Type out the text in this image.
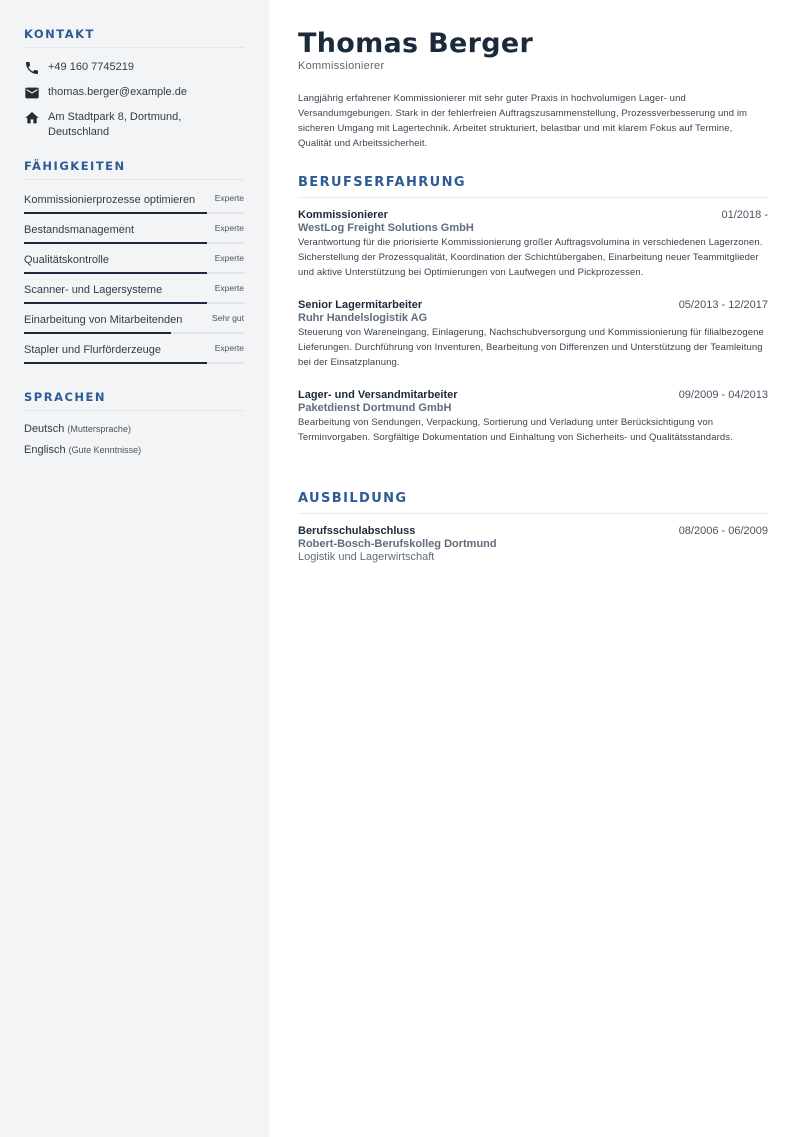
KONTAKT
+49 160 7745219
thomas.berger@example.de
Am Stadtpark 8, Dortmund, Deutschland
FÄHIGKEITEN
Kommissionierprozesse optimieren Experte
Bestandsmanagement	Experte
Qualitätskontrolle	Experte
Scanner- und Lagersysteme	Experte
Einarbeitung von Mitarbeitenden	Sehr gut
Stapler und Flurförderzeuge	Experte
SPRACHEN
Deutsch (Muttersprache)
Englisch (Gute Kenntnisse)
Thomas Berger
Kommissionierer

Langjährig erfahrener Kommissionierer mit sehr guter Praxis in hochvolumigen Lager- und Versandumgebungen. Stark in der fehlerfreien Auftragszusammenstellung, Prozessverbesserung und im sicheren Umgang mit Lagertechnik. Arbeitet strukturiert, belastbar und mit klarem Fokus auf Termine, Qualität und Arbeitssicherheit.

BERUFSERFAHRUNG
Kommissionierer	01/2018 -
WestLog Freight Solutions GmbH
Verantwortung für die priorisierte Kommissionierung großer Auftragsvolumina in verschiedenen Lagerzonen. Sicherstellung der Prozessqualität, Koordination der Schichtübergaben, Einarbeitung neuer Teammitglieder und aktive Unterstützung bei Optimierungen von Laufwegen und Pickprozessen.
Senior Lagermitarbeiter	05/2013 - 12/2017
Ruhr Handelslogistik AG
Steuerung von Wareneingang, Einlagerung, Nachschubversorgung und Kommissionierung für filialbezogene Lieferungen. Durchführung von Inventuren, Bearbeitung von Differenzen und Unterstützung der Teamleitung bei der Einsatzplanung.
Lager- und Versandmitarbeiter	09/2009 - 04/2013
Paketdienst Dortmund GmbH
Bearbeitung von Sendungen, Verpackung, Sortierung und Verladung unter Berücksichtigung von Terminvorgaben. Sorgfältige Dokumentation und Einhaltung von Sicherheits- und Qualitätsstandards.
AUSBILDUNG
Berufsschulabschluss	08/2006 - 06/2009
Robert-Bosch-Berufskolleg Dortmund
Logistik und Lagerwirtschaft
